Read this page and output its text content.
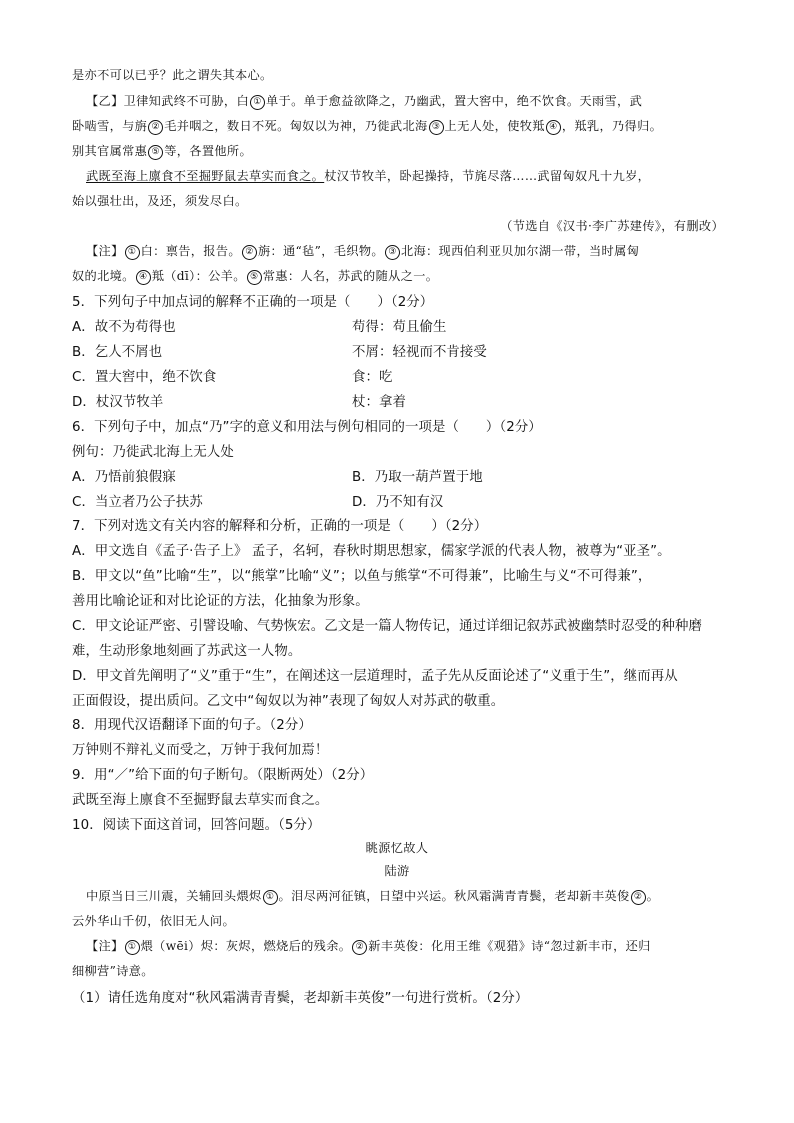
是亦不可以已乎？此之谓失其本心。
【乙】卫律知武终不可胁，白 ① 单于。单于愈益欲降之，乃幽武，置大窖中，绝不饮食。天雨雪，武
卧啮雪，与旃 ② 毛并咽之，数日不死。匈奴以为神，乃徙武北海 ③ 上无人处，使牧羝 ④ ，羝乳，乃得归。
别其官属常惠 ⑤ 等，各置他所。
武既至海上廪食不至掘野鼠去草实而食之。杖汉节牧羊，卧起操持，节旄尽落……武留匈奴凡十九岁，
始以强壮出，及还，须发尽白。
（节选自《汉书·李广苏建传》，有删改）
【注】 ① 白：禀告，报告。 ② 旃：通“毡”，毛织物。 ③ 北海：现西伯利亚贝加尔湖一带，当时属匈
奴的北境。 ④ 羝（dī）：公羊。 ⑤ 常惠：人名，苏武的随从之一。
5．下列句子中加点词的解释不正确的一项是（　　）（2分）
A．故不为苟得也	苟得：苟且偷生
B．乞人不屑也	不屑：轻视而不肯接受
C．置大窖中，绝不饮食	食：吃
D．杖汉节牧羊	杖：拿着
6．下列句子中，加点“乃”字的意义和用法与例句相同的一项是（　　）（2分）
例句：乃徙武北海上无人处
A．乃悟前狼假寐	B．乃取一葫芦置于地
C．当立者乃公子扶苏	D．乃不知有汉
7．下列对选文有关内容的解释和分析，正确的一项是（　　）（2分）
A．甲文选自《孟子·告子上》 孟子，名轲，春秋时期思想家，儒家学派的代表人物，被尊为“亚圣”。
B．甲文以“鱼”比喻“生”，以“熊掌”比喻“义”；以鱼与熊掌“不可得兼”，比喻生与义“不可得兼”，
善用比喻论证和对比论证的方法，化抽象为形象。
C．甲文论证严密、引譬设喻、气势恢宏。乙文是一篇人物传记，通过详细记叙苏武被幽禁时忍受的种种磨
难，生动形象地刻画了苏武这一人物。
D．甲文首先阐明了“义”重于“生”，在阐述这一层道理时，孟子先从反面论述了“义重于生”，继而再从
正面假设，提出质问。乙文中“匈奴以为神”表现了匈奴人对苏武的敬重。
8．用现代汉语翻译下面的句子。（2分）
万钟则不辩礼义而受之，万钟于我何加焉！
9．用“／”给下面的句子断句。（限断两处）（2分）
武既至海上廪食不至掘野鼠去草实而食之。
10．阅读下面这首词，回答问题。（5分）
眺源忆故人
陆游
中原当日三川震，关辅回头煨烬 ① 。泪尽两河征镇，日望中兴运。秋风霜满青青鬓，老却新丰英俊 ② 。
云外华山千仞，依旧无人问。
【注】 ① 煨（wēi）烬：灰烬，燃烧后的残余。 ② 新丰英俊：化用王维《观猎》诗“忽过新丰市，还归
细柳营”诗意。
（1）请任选角度对“秋风霜满青青鬓，老却新丰英俊”一句进行赏析。（2分）
